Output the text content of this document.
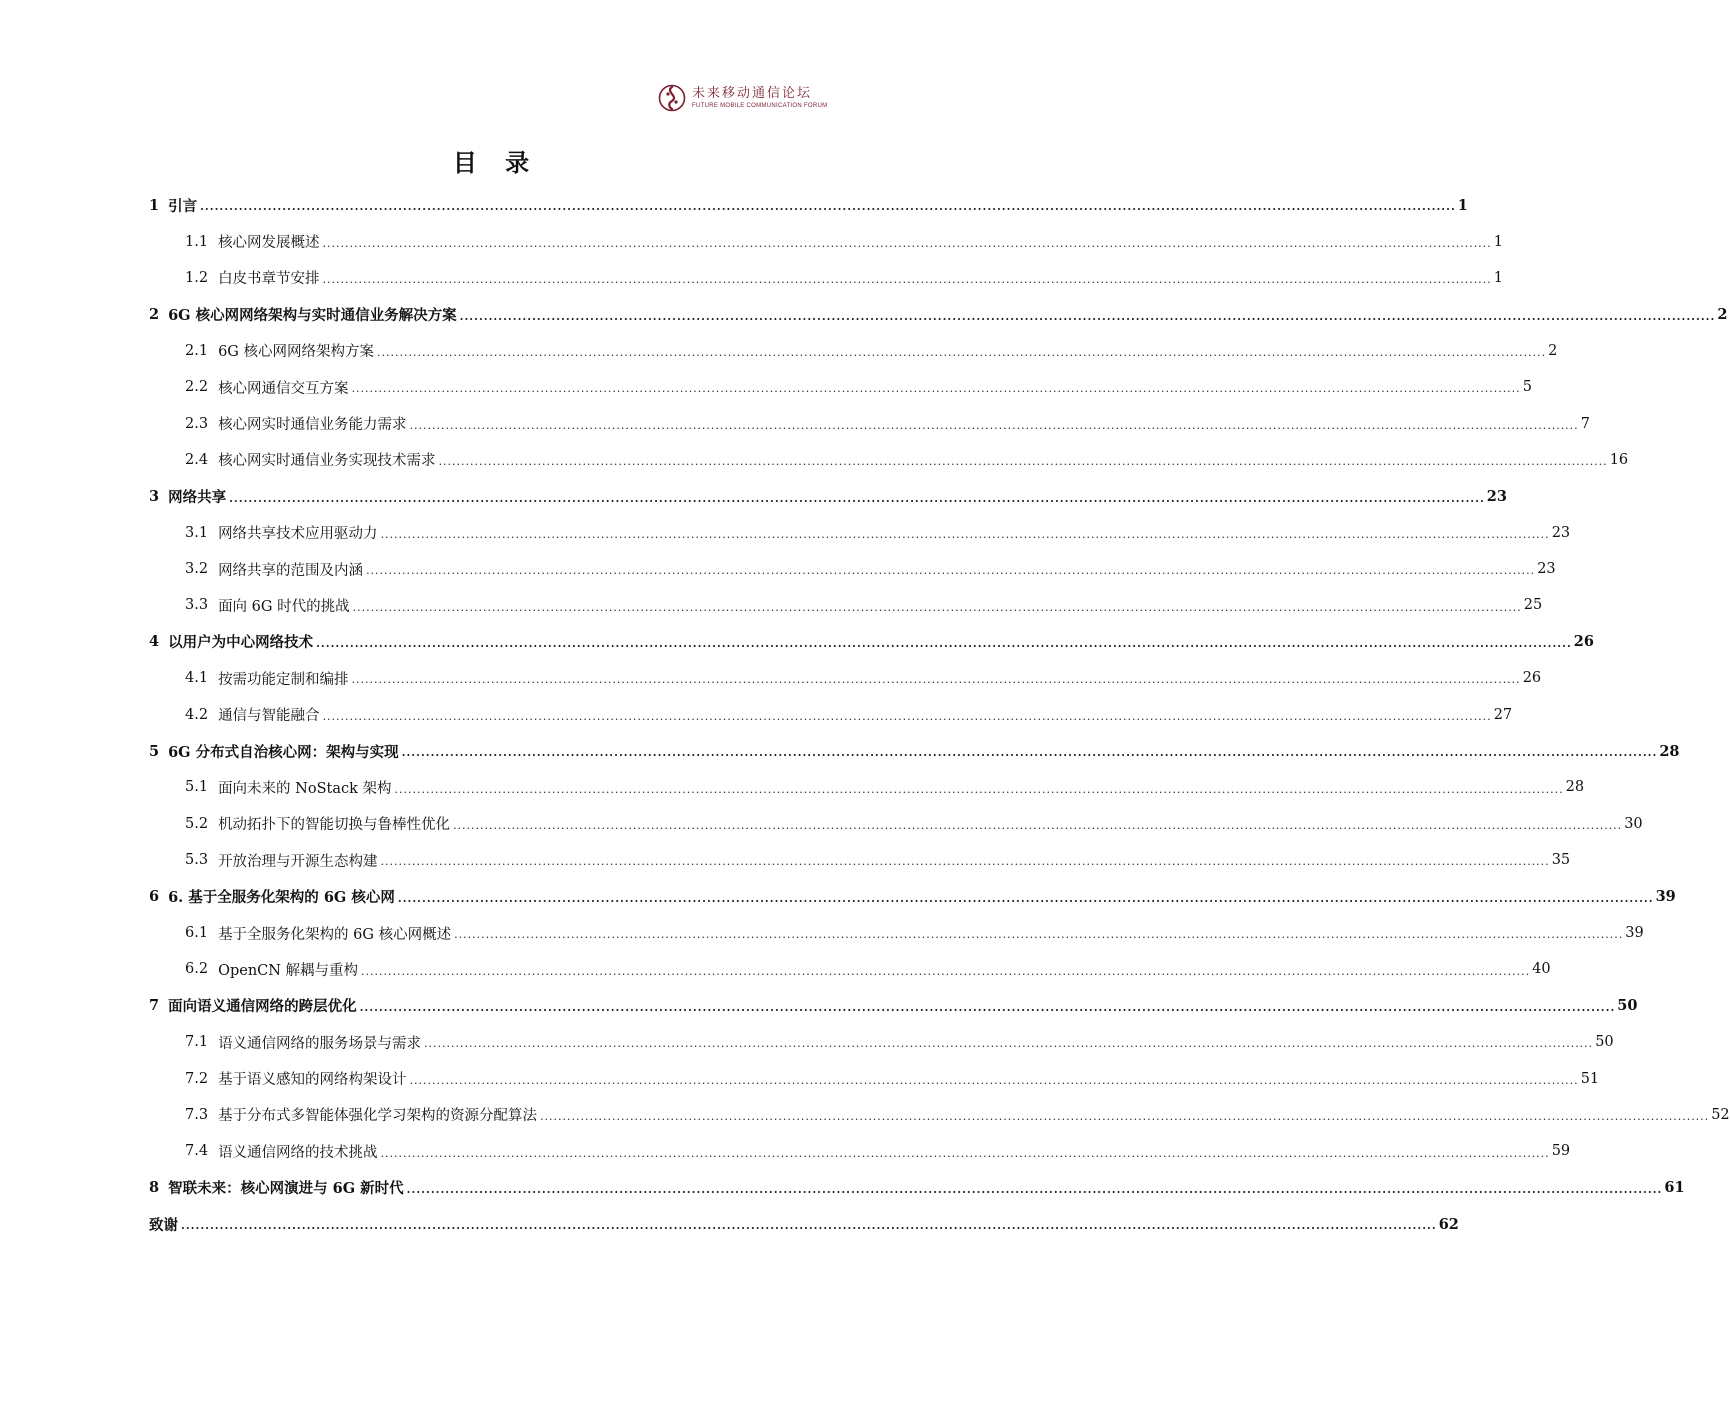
未来移动通信论坛
FUTURE MOBILE COMMUNICATION FORUM
目 录
1 引言 .................................................................................................................................................................................................................................................................... 1
1.1 核心网发展概述 .................................................................................................................................................................................................................................................................... 1
1.2 白皮书章节安排 .................................................................................................................................................................................................................................................................... 1
2 6G 核心网网络架构与实时通信业务解决方案 .................................................................................................................................................................................................................................................................... 2
2.1 6G 核心网网络架构方案 .................................................................................................................................................................................................................................................................... 2
2.2 核心网通信交互方案 .................................................................................................................................................................................................................................................................... 5
2.3 核心网实时通信业务能力需求 .................................................................................................................................................................................................................................................................... 7
2.4 核心网实时通信业务实现技术需求 .................................................................................................................................................................................................................................................................... 16
3 网络共享 .................................................................................................................................................................................................................................................................... 23
3.1 网络共享技术应用驱动力 .................................................................................................................................................................................................................................................................... 23
3.2 网络共享的范围及内涵 .................................................................................................................................................................................................................................................................... 23
3.3 面向 6G 时代的挑战 .................................................................................................................................................................................................................................................................... 25
4 以用户为中心网络技术 .................................................................................................................................................................................................................................................................... 26
4.1 按需功能定制和编排 .................................................................................................................................................................................................................................................................... 26
4.2 通信与智能融合 .................................................................................................................................................................................................................................................................... 27
5 6G 分布式自治核心网：架构与实现 .................................................................................................................................................................................................................................................................... 28
5.1 面向未来的 NoStack 架构 .................................................................................................................................................................................................................................................................... 28
5.2 机动拓扑下的智能切换与鲁棒性优化 .................................................................................................................................................................................................................................................................... 30
5.3 开放治理与开源生态构建 .................................................................................................................................................................................................................................................................... 35
6 6. 基于全服务化架构的 6G 核心网 .................................................................................................................................................................................................................................................................... 39
6.1 基于全服务化架构的 6G 核心网概述 .................................................................................................................................................................................................................................................................... 39
6.2 OpenCN 解耦与重构 .................................................................................................................................................................................................................................................................... 40
7 面向语义通信网络的跨层优化 .................................................................................................................................................................................................................................................................... 50
7.1 语义通信网络的服务场景与需求 .................................................................................................................................................................................................................................................................... 50
7.2 基于语义感知的网络构架设计 .................................................................................................................................................................................................................................................................... 51
7.3 基于分布式多智能体强化学习架构的资源分配算法 .................................................................................................................................................................................................................................................................... 52
7.4 语义通信网络的技术挑战 .................................................................................................................................................................................................................................................................... 59
8 智联未来：核心网演进与 6G 新时代 .................................................................................................................................................................................................................................................................... 61
致谢 .................................................................................................................................................................................................................................................................... 62
